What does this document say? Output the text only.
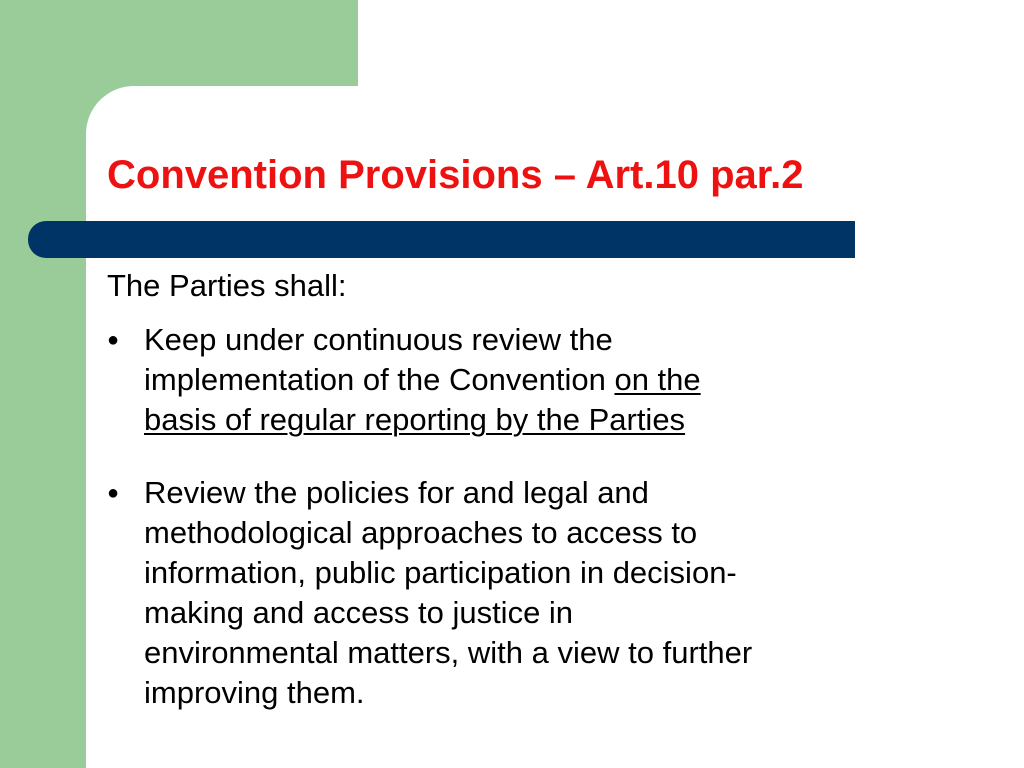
Convention Provisions – Art.10 par.2

The Parties shall:

● Keep under continuous review the
implementation of the Convention on the
basis of regular reporting by the Parties
● Review the policies for and legal and
methodological approaches to access to
information, public participation in decision-
making and access to justice in
environmental matters, with a view to further
improving them.
